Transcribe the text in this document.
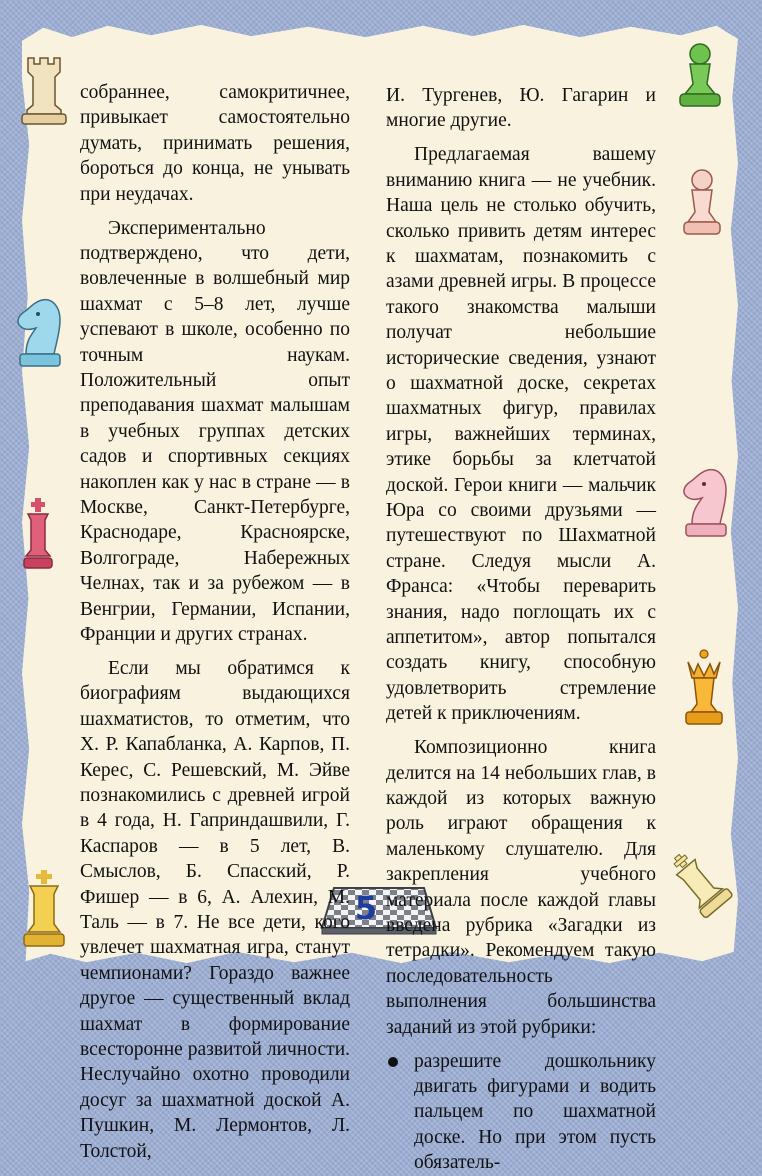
5

собраннее, самокритичнее, привыкает самостоятельно думать, принимать решения, бороться до конца, не унывать при неудачах.

Экспериментально подтверждено, что дети, вовлеченные в волшебный мир шахмат с 5–8 лет, лучше успевают в школе, особенно по точным наукам. Положительный опыт преподавания шахмат малышам в учебных группах детских садов и спортивных секциях накоплен как у нас в стране — в Москве, Санкт-Петербурге, Краснодаре, Красноярске, Волгограде, Набережных Челнах, так и за рубежом — в Венгрии, Германии, Испании, Франции и других странах.

Если мы обратимся к биографиям выдающихся шахматистов, то отметим, что Х. Р. Капабланка, А. Карпов, П. Керес, С. Решевский, М. Эйве познакомились с древней игрой в 4 года, Н. Гаприндашвили, Г. Каспаров — в 5 лет, В. Смыслов, Б. Спасский, Р. Фишер — в 6, А. Алехин, М. Таль — в 7. Не все дети, кого увлечет шахматная игра, станут чемпионами? Гораздо важнее другое — существенный вклад шахмат в формирование всесторонне развитой личности. Неслучайно охотно проводили досуг за шахматной доской А. Пушкин, М. Лермонтов, Л. Толстой,

И. Тургенев, Ю. Гагарин и многие другие.

Предлагаемая вашему вниманию книга — не учебник. Наша цель не столько обучить, сколько привить детям интерес к шахматам, познакомить с азами древней игры. В процессе такого знакомства малыши получат небольшие исторические сведения, узнают о шахматной доске, секретах шахматных фигур, правилах игры, важнейших терминах, этике борьбы за клетчатой доской. Герои книги — мальчик Юра со своими друзьями — путешествуют по Шахматной стране. Следуя мысли А. Франса: «Чтобы переварить знания, надо поглощать их с аппетитом», автор попытался создать книгу, способную удовлетворить стремление детей к приключениям.

Композиционно книга делится на 14 небольших глав, в каждой из которых важную роль играют обращения к маленькому слушателю. Для закрепления учебного материала после каждой главы введена рубрика «Загадки из тетрадки». Рекомендуем такую последовательность выполнения большинства заданий из этой рубрики:

разрешите дошкольнику двигать фигурами и водить пальцем по шахматной доске. Но при этом пусть обязатель-
